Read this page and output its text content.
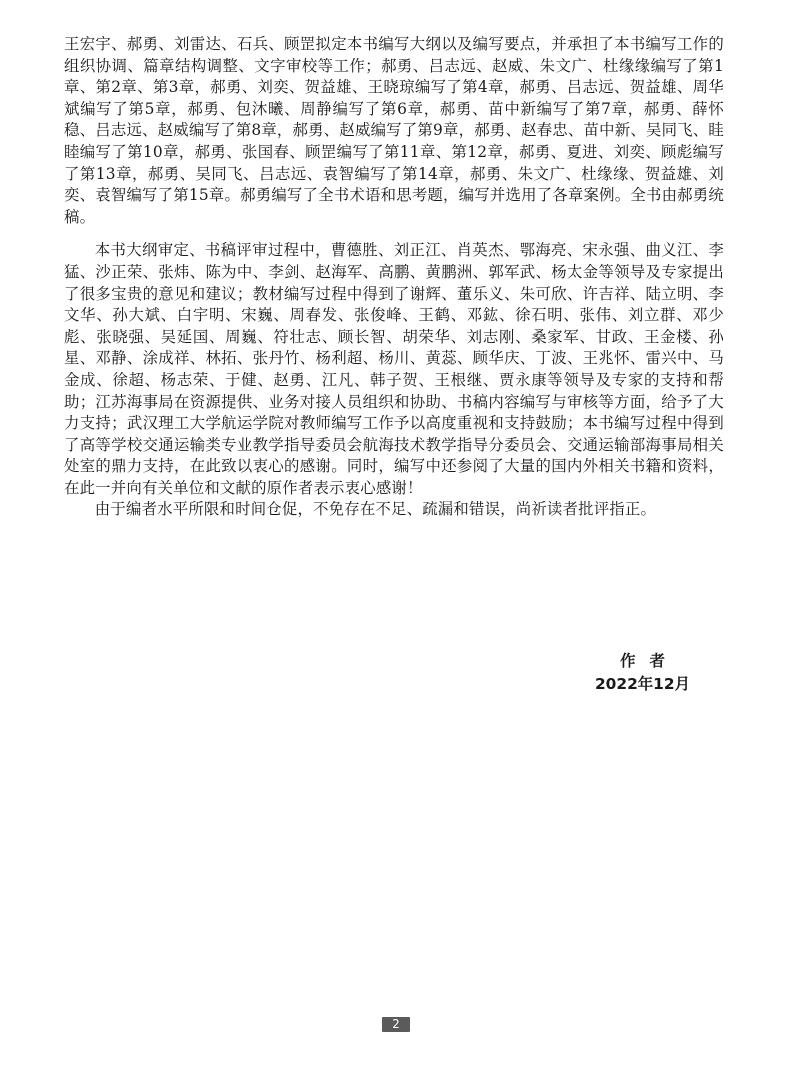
王宏宇、郝勇、刘雷达、石兵、顾罡拟定本书编写大纲以及编写要点，并承担了本书编写工作的组织协调、篇章结构调整、文字审校等工作；郝勇、吕志远、赵威、朱文广、杜缘缘编写了第1章、第2章、第3章，郝勇、刘奕、贺益雄、王晓琼编写了第4章，郝勇、吕志远、贺益雄、周华斌编写了第5章，郝勇、包沐曦、周静编写了第6章，郝勇、苗中新编写了第7章，郝勇、薛怀稳、吕志远、赵威编写了第8章，郝勇、赵威编写了第9章，郝勇、赵春忠、苗中新、吴同飞、眭睦编写了第10章，郝勇、张国春、顾罡编写了第11章、第12章，郝勇、夏进、刘奕、顾彪编写了第13章，郝勇、吴同飞、吕志远、袁智编写了第14章，郝勇、朱文广、杜缘缘、贺益雄、刘奕、袁智编写了第15章。郝勇编写了全书术语和思考题，编写并选用了各章案例。全书由郝勇统稿。

本书大纲审定、书稿评审过程中，曹德胜、刘正江、肖英杰、鄂海亮、宋永强、曲义江、李猛、沙正荣、张炜、陈为中、李剑、赵海军、高鹏、黄鹏洲、郭军武、杨太金等领导及专家提出了很多宝贵的意见和建议；教材编写过程中得到了谢辉、董乐义、朱可欣、许吉祥、陆立明、李文华、孙大斌、白宇明、宋巍、周春发、张俊峰、王鹤、邓鈜、徐石明、张伟、刘立群、邓少彪、张晓强、吴延国、周巍、符壮志、顾长智、胡荣华、刘志刚、桑家军、甘政、王金楼、孙星、邓静、涂成祥、林拓、张丹竹、杨利超、杨川、黄蕊、顾华庆、丁波、王兆怀、雷兴中、马金成、徐超、杨志荣、于健、赵勇、江凡、韩子贺、王根继、贾永康等领导及专家的支持和帮助；江苏海事局在资源提供、业务对接人员组织和协助、书稿内容编写与审核等方面，给予了大力支持；武汉理工大学航运学院对教师编写工作予以高度重视和支持鼓励；本书编写过程中得到了高等学校交通运输类专业教学指导委员会航海技术教学指导分委员会、交通运输部海事局相关处室的鼎力支持，在此致以衷心的感谢。同时，编写中还参阅了大量的国内外相关书籍和资料，在此一并向有关单位和文献的原作者表示衷心感谢！

由于编者水平所限和时间仓促，不免存在不足、疏漏和错误，尚祈读者批评指正。

作者
2022年12月
2
